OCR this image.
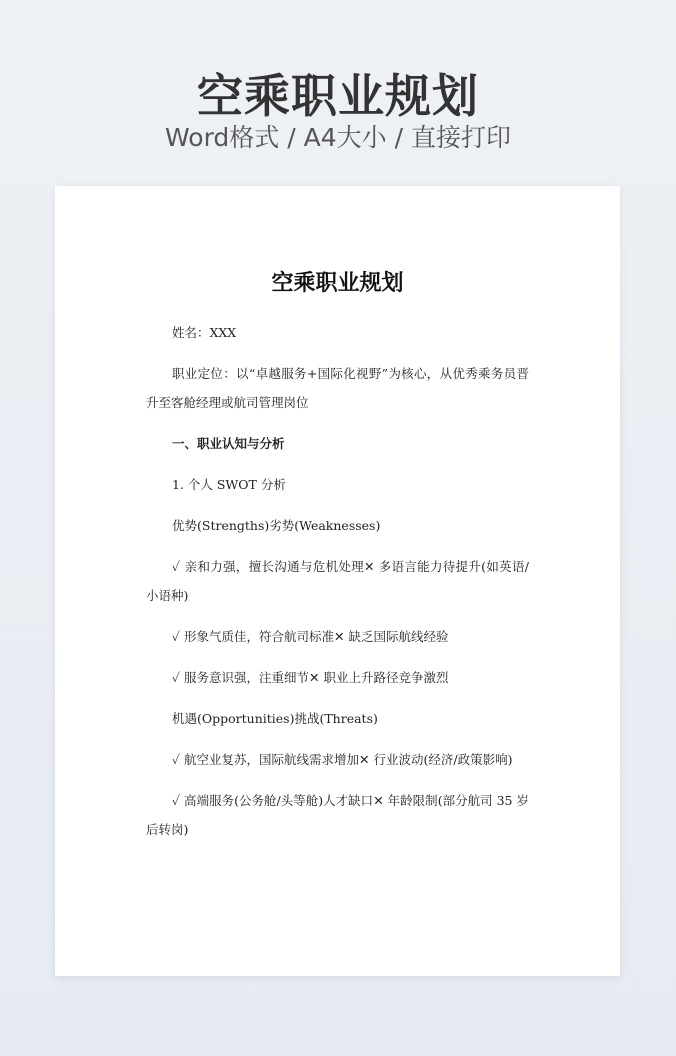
空乘职业规划
Word格式 / A4大小 / 直接打印
空乘职业规划

姓名：XXX

职业定位：以“卓越服务+国际化视野”为核心，从优秀乘务员晋升至客舱经理或航司管理岗位

一、职业认知与分析

1. 个人 SWOT 分析

优势(Strengths)劣势(Weaknesses)

✓ 亲和力强，擅长沟通与危机处理✕ 多语言能力待提升(如英语/小语种)

✓ 形象气质佳，符合航司标准✕ 缺乏国际航线经验

✓ 服务意识强，注重细节✕ 职业上升路径竞争激烈

机遇(Opportunities)挑战(Threats)

✓ 航空业复苏，国际航线需求增加✕ 行业波动(经济/政策影响)

✓ 高端服务(公务舱/头等舱)人才缺口✕ 年龄限制(部分航司 35 岁后转岗)
